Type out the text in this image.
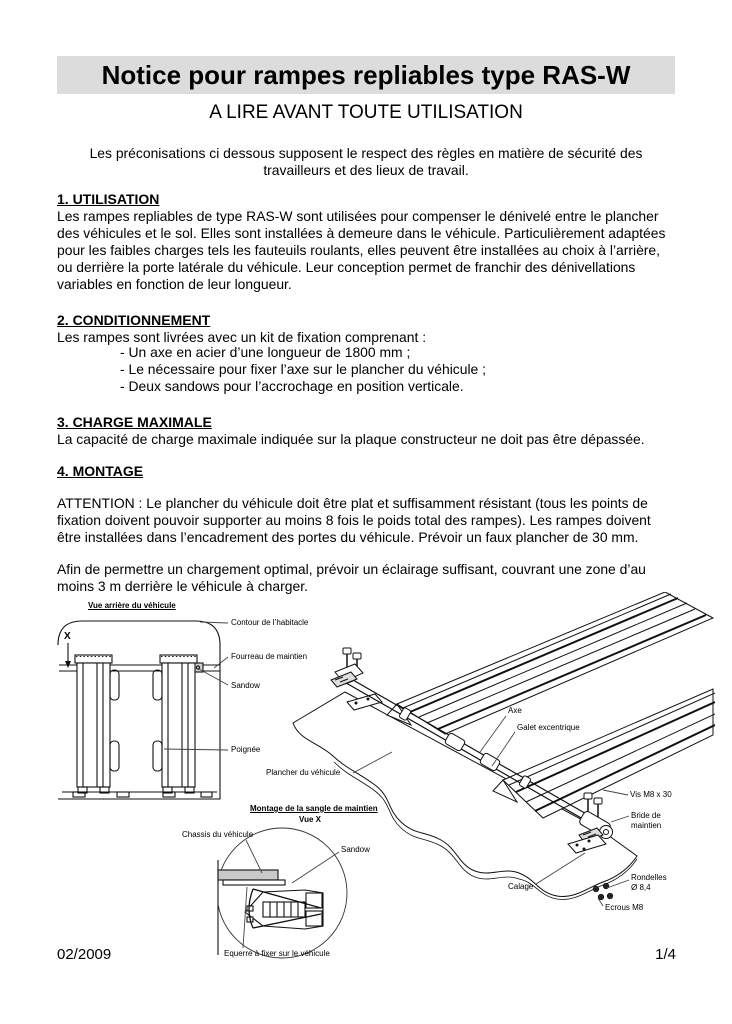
Notice pour rampes repliables type RAS-W
A LIRE AVANT TOUTE UTILISATION
Les préconisations ci dessous supposent le respect des règles en matière de sécurité des travailleurs et des lieux de travail.
1. UTILISATION
Les rampes repliables de type RAS-W sont utilisées pour compenser le dénivelé entre le plancher des véhicules et le sol. Elles sont installées à demeure dans le véhicule. Particulièrement adaptées pour les faibles charges tels les fauteuils roulants, elles peuvent être installées au choix à l’arrière, ou derrière la porte latérale du véhicule. Leur conception permet de franchir des dénivellations variables en fonction de leur longueur.
2. CONDITIONNEMENT
Les rampes sont livrées avec un kit de fixation comprenant :
- Un axe en acier d’une longueur de 1800 mm ;
- Le nécessaire pour fixer l’axe sur le plancher du véhicule ;
- Deux sandows pour l’accrochage en position verticale.
3. CHARGE MAXIMALE
La capacité de charge maximale indiquée sur la plaque constructeur ne doit pas être dépassée.
4. MONTAGE
ATTENTION : Le plancher du véhicule doit être plat et suffisamment résistant (tous les points de fixation doivent pouvoir supporter au moins 8 fois le poids total des rampes). Les rampes doivent être installées dans l’encadrement des portes du véhicule. Prévoir un faux plancher de 30 mm.
Afin de permettre un chargement optimal, prévoir un éclairage suffisant, couvrant une zone d’au moins 3 m derrière le véhicule à charger.
Vue arrière du véhicule
X
Contour de l’habitacle
Fourreau de maintien
Sandow
Poignée
Axe
Galet excentrique
Plancher du véhicule
Vis M8 x 30
Bride de maintien
Calage
Rondelles Ø 8,4
Ecrous M8
Montage de la sangle de maintien
Vue X
Chassis du véhicule
Sandow
Equerre à fixer sur le véhicule
02/2009	1/4
